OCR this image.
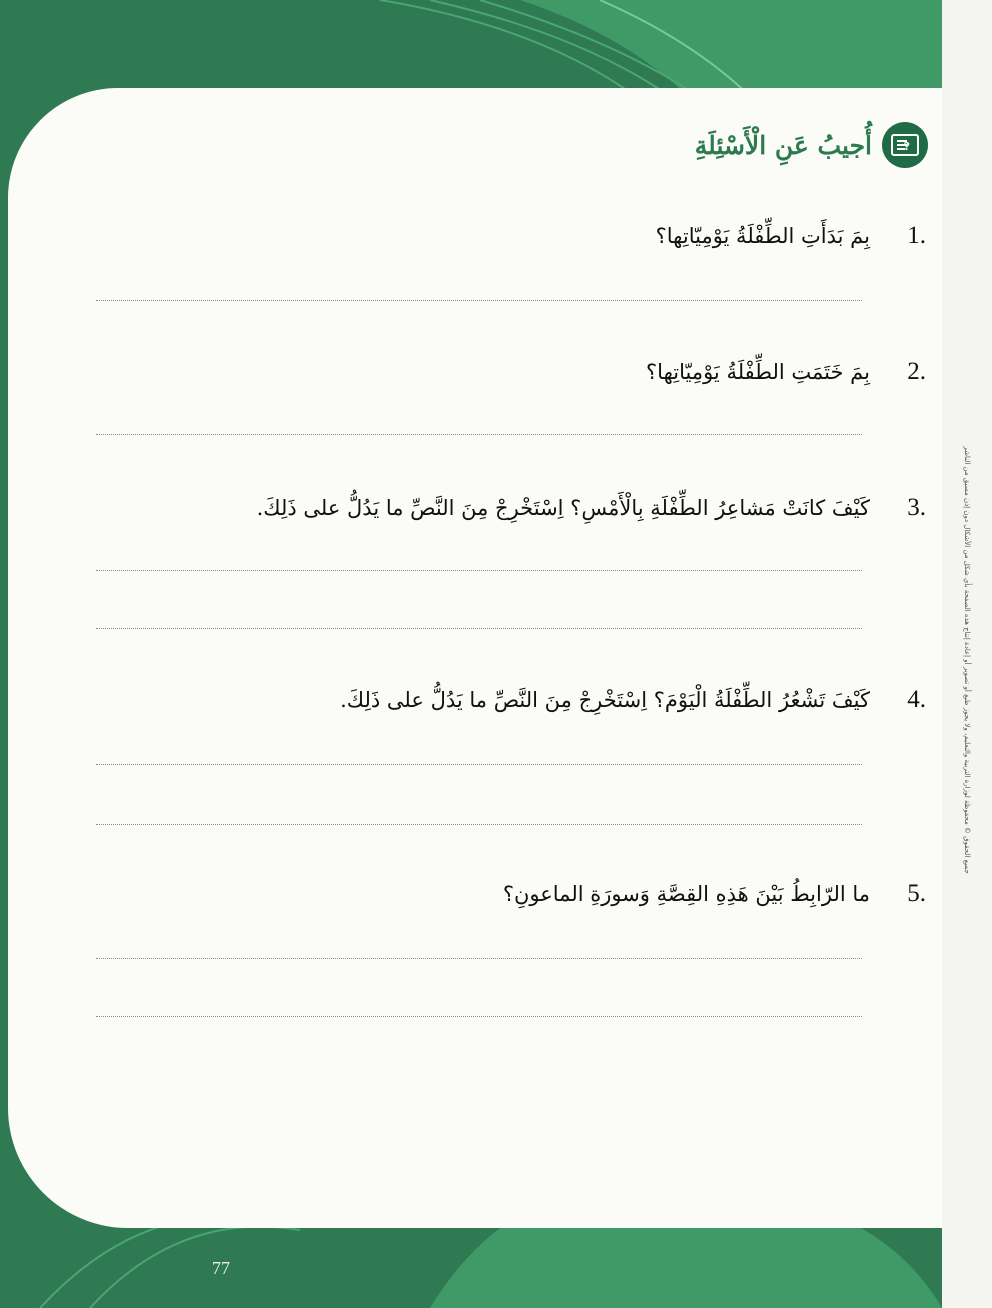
جميع الحقوق © محفوظة لوزارة التربية والتعليم، ولا يجوز طبع أو تصوير أو إعادة إنتاج هذه الصفحة بأي شكل من الأشكال دون إذن مسبق من الناشر
?
أُجيبُ عَنِ الْأَسْئِلَةِ
1.
بِمَ بَدَأَتِ الطِّفْلَةُ يَوْمِيّاتِها؟
2.
بِمَ خَتَمَتِ الطِّفْلَةُ يَوْمِيّاتِها؟
3.
كَيْفَ كانَتْ مَشاعِرُ الطِّفْلَةِ بِالْأَمْسِ؟ اِسْتَخْرِجْ مِنَ النَّصِّ ما يَدُلُّ على ذَلِكَ.
4.
كَيْفَ تَشْعُرُ الطِّفْلَةُ الْيَوْمَ؟ اِسْتَخْرِجْ مِنَ النَّصِّ ما يَدُلُّ على ذَلِكَ.
5.
ما الرّابِطُ بَيْنَ هَذِهِ القِصَّةِ وَسورَةِ الماعونِ؟
77
